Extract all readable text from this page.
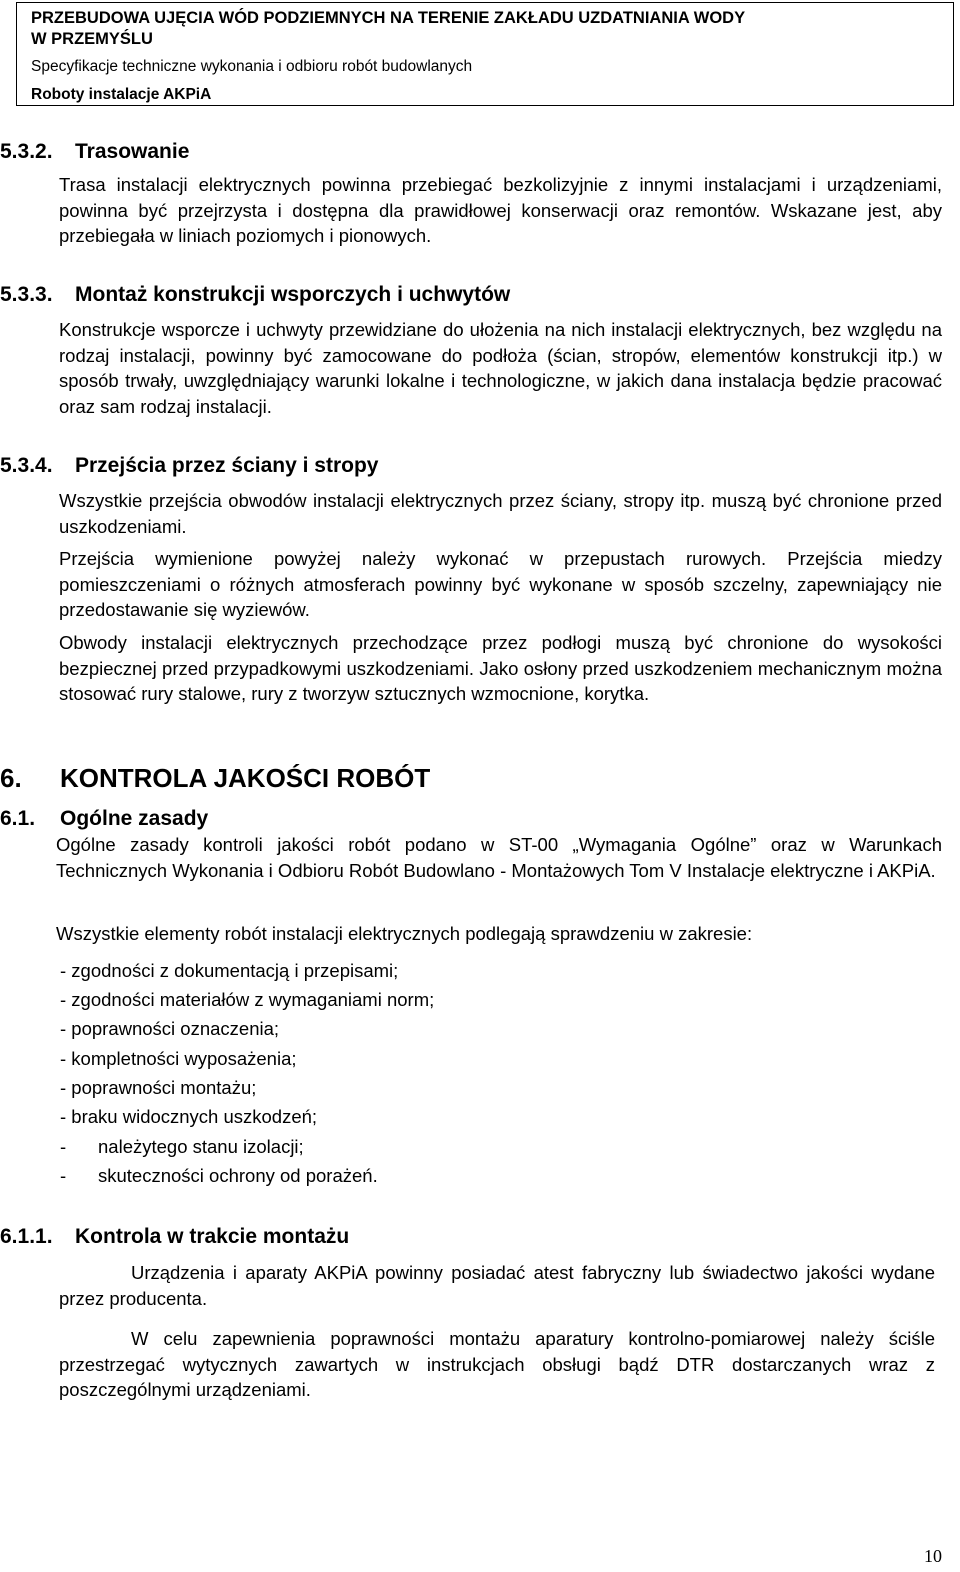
PRZEBUDOWA UJĘCIA WÓD PODZIEMNYCH NA TERENIE ZAKŁADU UZDATNIANIA WODY
W PRZEMYŚLU
Specyfikacje techniczne wykonania i odbioru robót budowlanych
Roboty instalacje AKPiA
5.3.2. Trasowanie
Trasa instalacji elektrycznych powinna przebiegać bezkolizyjnie z innymi instalacjami i urządzeniami, powinna być przejrzysta i dostępna dla prawidłowej konserwacji oraz remontów. Wskazane jest, aby przebiegała w liniach poziomych i pionowych.
5.3.3. Montaż konstrukcji wsporczych i uchwytów
Konstrukcje wsporcze i uchwyty przewidziane do ułożenia na nich instalacji elektrycznych, bez względu na rodzaj instalacji, powinny być zamocowane do podłoża (ścian, stropów, elementów konstrukcji itp.) w sposób trwały, uwzględniający warunki lokalne i technologiczne, w jakich dana instalacja będzie pracować oraz sam rodzaj instalacji.
5.3.4. Przejścia przez ściany i stropy
Wszystkie przejścia obwodów instalacji elektrycznych przez ściany, stropy itp. muszą być chronione przed uszkodzeniami.
Przejścia wymienione powyżej należy wykonać w przepustach rurowych. Przejścia miedzy pomieszczeniami o różnych atmosferach powinny być wykonane w sposób szczelny, zapewniający nie przedostawanie się wyziewów.
Obwody instalacji elektrycznych przechodzące przez podłogi muszą być chronione do wysokości bezpiecznej przed przypadkowymi uszkodzeniami. Jako osłony przed uszkodzeniem mechanicznym można stosować rury stalowe, rury z tworzyw sztucznych wzmocnione, korytka.
6. KONTROLA JAKOŚCI ROBÓT
6.1. Ogólne zasady
Ogólne zasady kontroli jakości robót podano w ST-00 „Wymagania Ogólne” oraz w Warunkach Technicznych Wykonania i Odbioru Robót Budowlano - Montażowych Tom V Instalacje elektryczne i AKPiA.
Wszystkie elementy robót instalacji elektrycznych podlegają sprawdzeniu w zakresie:
- zgodności z dokumentacją i przepisami;
- zgodności materiałów z wymaganiami norm;
- poprawności oznaczenia;
- kompletności wyposażenia;
- poprawności montażu;
- braku widocznych uszkodzeń;
- należytego stanu izolacji;
- skuteczności ochrony od porażeń.
6.1.1. Kontrola w trakcie montażu
Urządzenia i aparaty AKPiA powinny posiadać atest fabryczny lub świadectwo jakości wydane przez producenta.
W celu zapewnienia poprawności montażu aparatury kontrolno-pomiarowej należy ściśle przestrzegać wytycznych zawartych w instrukcjach obsługi bądź DTR dostarczanych wraz z poszczególnymi urządzeniami.
10
